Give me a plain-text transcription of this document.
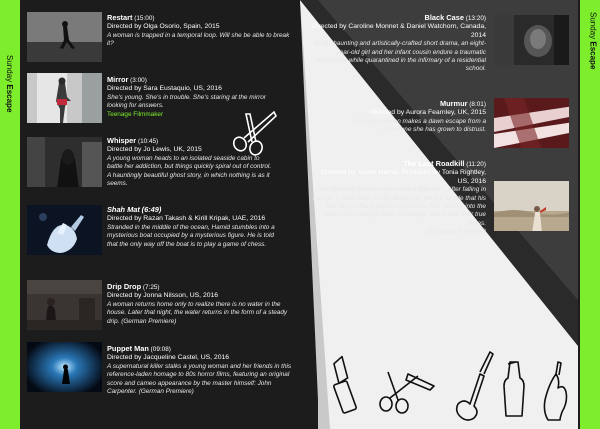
Sunday Escape
Sunday Escape
Restart (15:00)
Directed by Olga Osorio, Spain, 2015
A woman is trapped in a temporal loop. Will she be able to break it?
Mirror (3:00)
Directed by Sara Eustaquio, US, 2016
She's young. She's in trouble. She's staring at the mirror looking for answers.
Teenage Filmmaker
Whisper (10:45)
Directed by Jo Lewis, UK, 2015
A young woman heads to an isolated seaside cabin to battle her addiction, but things quickly spiral out of control. A hauntingly beautiful ghost story, in which nothing is as it seems.
Shah Mat (6:49)
Directed by Razan Takash & Kirill Kripak, UAE, 2016
Stranded in the middle of the ocean, Hamid stumbles into a mysterious boat occupied by a mysterious figure. He is told that the only way off the boat is to play a game of chess.
Drip Drop (7:25)
Directed by Jonna Nilsson, US, 2016
A woman returns home only to realize there is no water in the house. Later that night, the water returns in the form of a steady drip. (German Premiere)
Puppet Man (09:08)
Directed by Jacqueline Castel, US, 2016
A supernatural killer stalks a young woman and her friends in this reference-laden homage to 80s horror films, featuring an original score and cameo appearance by the master himself: John Carpenter. (German Premiere)
Black Case (13:20)
Directed by Caroline Monnet & Daniel Watchorn, Canada, 2014
In this haunting and artistically-crafted short drama, an eight-year-old girl and her infant cousin endure a traumatic experience while quarantined in the infirmary of a residential school.
Murmur (8:01)
Directed by Aurora Fearnley, UK, 2015
A young woman makes a dawn escape from a commune she has grown to distrust.
The Last Roadkill (11:20)
Directed by Xavier Hamel, Produced by Tonia Rightley, US, 2016
Zoe, Deena & Noreen have made a fatal pact. After falling in love for a serial killer on the death row, the trio decide that his last day on Earth will also be theirs. This journey into the desert will challenge their friendships and reveal their true selves.
(European Premiere)
